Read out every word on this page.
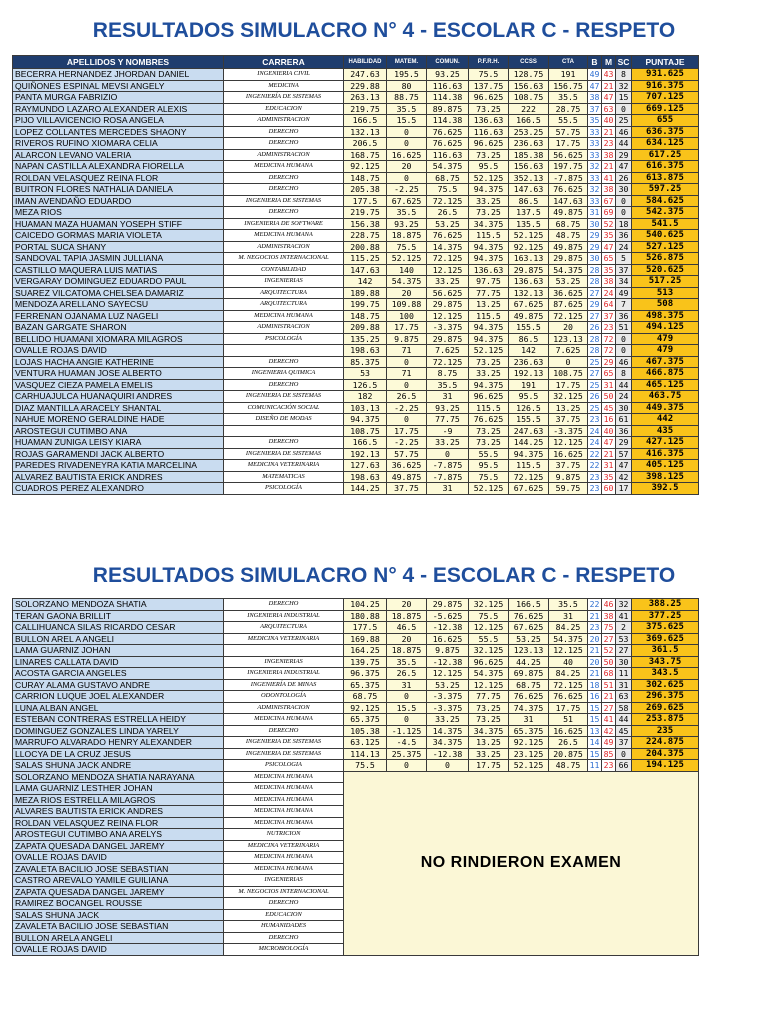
RESULTADOS SIMULACRO N° 4 - ESCOLAR C - RESPETO
APELLIDOS Y NOMBRES	CARRERA	HABILIDAD	MATEM.	COMUN.	P.F.R.H.	CCSS	CTA	B	M	SC	PUNTAJE
BECERRA HERNANDEZ JHORDAN DANIEL	INGENIERIA CIVIL	247.63	195.5	93.25	75.5	128.75	191	49	43	8	931.625
QUIÑONES ESPINAL MEVSI ANGELY	MEDICINA	229.88	80	116.63	137.75	156.63	156.75	47	21	32	916.375
PANTA MURGA FABRIZIO	INGENIERÍA DE SISTEMAS	263.13	88.75	114.38	96.625	108.75	35.5	38	47	15	707.125
RAYMUNDO LAZARO ALEXANDER ALEXIS	EDUCACION	219.75	35.5	89.875	73.25	222	28.75	37	63	0	669.125
PIJO VILLAVICENCIO ROSA ANGELA	ADMINISTRACION	166.5	15.5	114.38	136.63	166.5	55.5	35	40	25	655
LOPEZ COLLANTES MERCEDES SHAONY	DERECHO	132.13	0	76.625	116.63	253.25	57.75	33	21	46	636.375
RIVEROS RUFINO XIOMARA CELIA	DERECHO	206.5	0	76.625	96.625	236.63	17.75	33	23	44	634.125
ALARCON LEVANO VALERIA	ADMINISTRACION	168.75	16.625	116.63	73.25	185.38	56.625	33	38	29	617.25
NAPAN CASTILLA ALEXANDRA FIORELLA	MEDICINA HUMANA	92.125	20	54.375	95.5	156.63	197.75	32	21	47	616.375
ROLDAN VELASQUEZ REINA FLOR	DERECHO	148.75	0	68.75	52.125	352.13	-7.875	33	41	26	613.875
BUITRON FLORES NATHALIA DANIELA	DERECHO	205.38	-2.25	75.5	94.375	147.63	76.625	32	38	30	597.25
IMAN AVENDAÑO EDUARDO	INGENIERIA DE SISTEMAS	177.5	67.625	72.125	33.25	86.5	147.63	33	67	0	584.625
MEZA RIOS	DERECHO	219.75	35.5	26.5	73.25	137.5	49.875	31	69	0	542.375
HUAMAN MAZA HUAMAN YOSEPH STIFF	INGENIERIA DE SOFTWARE	156.38	93.25	53.25	34.375	135.5	68.75	30	52	18	541.5
CAICEDO GORMAS MARIA VIOLETA	MEDICINA HUMANA	228.75	18.875	76.625	115.5	52.125	48.75	29	35	36	540.625
PORTAL SUCA SHANY	ADMINISTRACION	200.88	75.5	14.375	94.375	92.125	49.875	29	47	24	527.125
SANDOVAL TAPIA JASMIN JULLIANA	M. NEGOCIOS INTERNACIONAL	115.25	52.125	72.125	94.375	163.13	29.875	30	65	5	526.875
CASTILLO MAQUERA LUIS MATIAS	CONTABILIDAD	147.63	140	12.125	136.63	29.875	54.375	28	35	37	520.625
VERGARAY DOMINGUEZ EDUARDO PAUL	INGENIERIAS	142	54.375	33.25	97.75	136.63	53.25	28	38	34	517.25
SUAREZ VILCATOMA CHELSEA DAMARIZ	ARQUITECTURA	189.88	20	56.625	77.75	132.13	36.625	27	24	49	513
MENDOZA ARELLANO SAYECSU	ARQUITECTURA	199.75	109.88	29.875	13.25	67.625	87.625	29	64	7	508
FERRENAN OJANAMA LUZ NAGELI	MEDICINA HUMANA	148.75	100	12.125	115.5	49.875	72.125	27	37	36	498.375
BAZAN GARGATE SHARON	ADMINISTRACION	209.88	17.75	-3.375	94.375	155.5	20	26	23	51	494.125
BELLIDO HUAMANI XIOMARA MILAGROS	PSICOLOGÍA	135.25	9.875	29.875	94.375	86.5	123.13	28	72	0	479
OVALLE ROJAS DAVID		198.63	71	7.625	52.125	142	7.625	28	72	0	479
LOJAS HACHA ANGIE KATHERINE	DERECHO	85.375	0	72.125	73.25	236.63	0	25	29	46	467.375
VENTURA HUAMAN JOSE ALBERTO	INGENIERIA QUIMICA	53	71	8.75	33.25	192.13	108.75	27	65	8	466.875
VASQUEZ CIEZA PAMELA EMELIS	DERECHO	126.5	0	35.5	94.375	191	17.75	25	31	44	465.125
CARHUAJULCA HUANAQUIRI ANDRES	INGENIERIA DE SISTEMAS	182	26.5	31	96.625	95.5	32.125	26	50	24	463.75
DIAZ MANTILLA ARACELY SHANTAL	COMUNICACIÓN SOCIAL	103.13	-2.25	93.25	115.5	126.5	13.25	25	45	30	449.375
NAHUE MORENO GERALDINE HADE	DISEÑO DE MODAS	94.375	0	77.75	76.625	155.5	37.75	23	16	61	442
AROSTEGUI CUTIMBO ANA		108.75	17.75	-9	73.25	247.63	-3.375	24	40	36	435
HUAMAN ZUNIGA LEISY KIARA	DERECHO	166.5	-2.25	33.25	73.25	144.25	12.125	24	47	29	427.125
ROJAS GARAMENDI JACK ALBERTO	INGENIERIA DE SISTEMAS	192.13	57.75	0	55.5	94.375	16.625	22	21	57	416.375
PAREDES RIVADENEYRA KATIA MARCELINA	MEDICINA VETERINARIA	127.63	36.625	-7.875	95.5	115.5	37.75	22	31	47	405.125
ALVAREZ BAUTISTA ERICK ANDRES	MATEMATICAS	198.63	49.875	-7.875	75.5	72.125	9.875	23	35	42	398.125
CUADROS PEREZ ALEXANDRO	PSICOLOGÍA	144.25	37.75	31	52.125	67.625	59.75	23	60	17	392.5
RESULTADOS SIMULACRO N° 4 - ESCOLAR C - RESPETO
SOLORZANO MENDOZA SHATIA	DERECHO	104.25	20	29.875	32.125	166.5	35.5	22	46	32	388.25
TERAN GAONA BRILLIT	INGENIERIA INDUSTRIAL	180.88	18.875	-5.625	75.5	76.625	31	21	38	41	377.25
CALLIHUANCA SILAS RICARDO CESAR	ARQUITECTURA	177.5	46.5	-12.38	12.125	67.625	84.25	23	75	2	375.625
BULLON AREL A ANGELI	MEDICINA VETERINARIA	169.88	20	16.625	55.5	53.25	54.375	20	27	53	369.625
LAMA GUARNIZ JOHAN		164.25	18.875	9.875	32.125	123.13	12.125	21	52	27	361.5
LINARES CALLATA DAVID	INGENIERIAS	139.75	35.5	-12.38	96.625	44.25	40	20	50	30	343.75
ACOSTA GARCIA ANGELES	INGENIERIA INDUSTRIAL	96.375	26.5	12.125	54.375	69.875	84.25	21	68	11	343.5
CURAY ALAMA GUSTAVO ANDRE	INGENIERÍA DE MINAS	65.375	31	53.25	12.125	68.75	72.125	18	51	31	302.625
CARRION LUQUE JOEL ALEXANDER	ODONTOLOGÍA	68.75	0	-3.375	77.75	76.625	76.625	16	21	63	296.375
LUNA ALBAN ANGEL	ADMINISTRACION	92.125	15.5	-3.375	73.25	74.375	17.75	15	27	58	269.625
ESTEBAN CONTRERAS ESTRELLA HEIDY	MEDICINA HUMANA	65.375	0	33.25	73.25	31	51	15	41	44	253.875
DOMINGUEZ GONZALES LINDA YARELY	DERECHO	105.38	-1.125	14.375	34.375	65.375	16.625	13	42	45	235
MARRUFO ALVARADO HENRY ALEXANDER	INGENIERIA DE SISTEMAS	63.125	-4.5	34.375	13.25	92.125	26.5	14	49	37	224.875
LLOCYA DE LA CRUZ JESUS	INGENIERIA DE SISTEMAS	114.13	25.375	-12.38	33.25	23.125	20.875	15	85	0	204.375
SALAS SHUNA JACK ANDRE	PSICOLOGIA	75.5	0	0	17.75	52.125	48.75	11	23	66	194.125
SOLORZANO MENDOZA SHATIA NARAYANA	MEDICINA HUMANA	NO RINDIERON EXAMEN									
LAMA GUARNIZ LESTHER JOHAN	MEDICINA HUMANA										
MEZA RIOS ESTRELLA MILAGROS	MEDICINA HUMANA										
ALVARES BAUTISTA ERICK ANDRES	MEDICINA HUMANA										
ROLDAN VELASQUEZ REINA FLOR	MEDICINA HUMANA										
AROSTEGUI CUTIMBO ANA ARELYS	NUTRICION										
ZAPATA QUESADA DANGEL JAREMY	MEDICINA VETERINARIA										
OVALLE ROJAS DAVID	MEDICINA HUMANA										
ZAVALETA BACILIO JOSE SEBASTIAN	MEDICINA HUMANA										
CASTRO AREVALO YAMILE GUILIANA	INGENIERIAS										
ZAPATA QUESADA DANGEL JAREMY	M. NEGOCIOS INTERNACIONAL										
RAMIREZ BOCANGEL ROUSSE	DERECHO										
SALAS SHUNA JACK	EDUCACION										
ZAVALETA BACILIO JOSE SEBASTIAN	HUMANIDADES										
BULLON ARELA ANGELI	DERECHO										
OVALLE ROJAS DAVID	MICROBIOLOGÍA										
